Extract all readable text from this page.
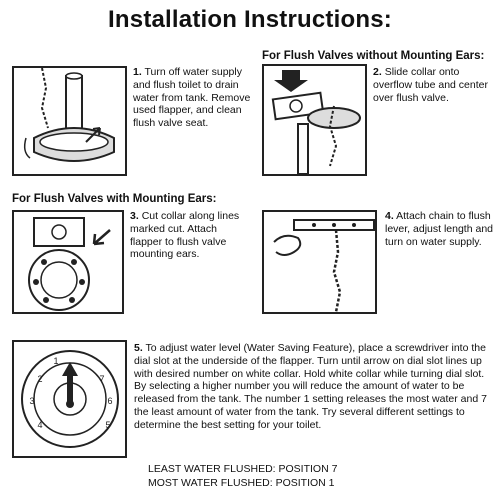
Installation Instructions:
1. Turn off water supply and flush toilet to drain water from tank. Remove used flapper, and clean flush valve seat.
For Flush Valves without Mounting Ears:
2. Slide collar onto overflow tube and center over flush valve.
For Flush Valves with Mounting Ears:
3. Cut collar along lines marked cut. Attach flapper to flush valve mounting ears.
4. Attach chain to flush lever, adjust length and turn on water supply.
1
2
3
4	5
6
7
5. To adjust water level (Water Saving Feature), place a screwdriver into the dial slot at the underside of the flapper. Turn until arrow on dial slot lines up with desired number on white collar. Hold white collar while turning dial slot. By selecting a higher number you will reduce the amount of water to be released from the tank. The number 1 setting releases the most water and 7 the least amount of water from the tank. Try several different settings to determine the best setting for your toilet.
LEAST WATER FLUSHED: POSITION 7
MOST WATER FLUSHED: POSITION 1
